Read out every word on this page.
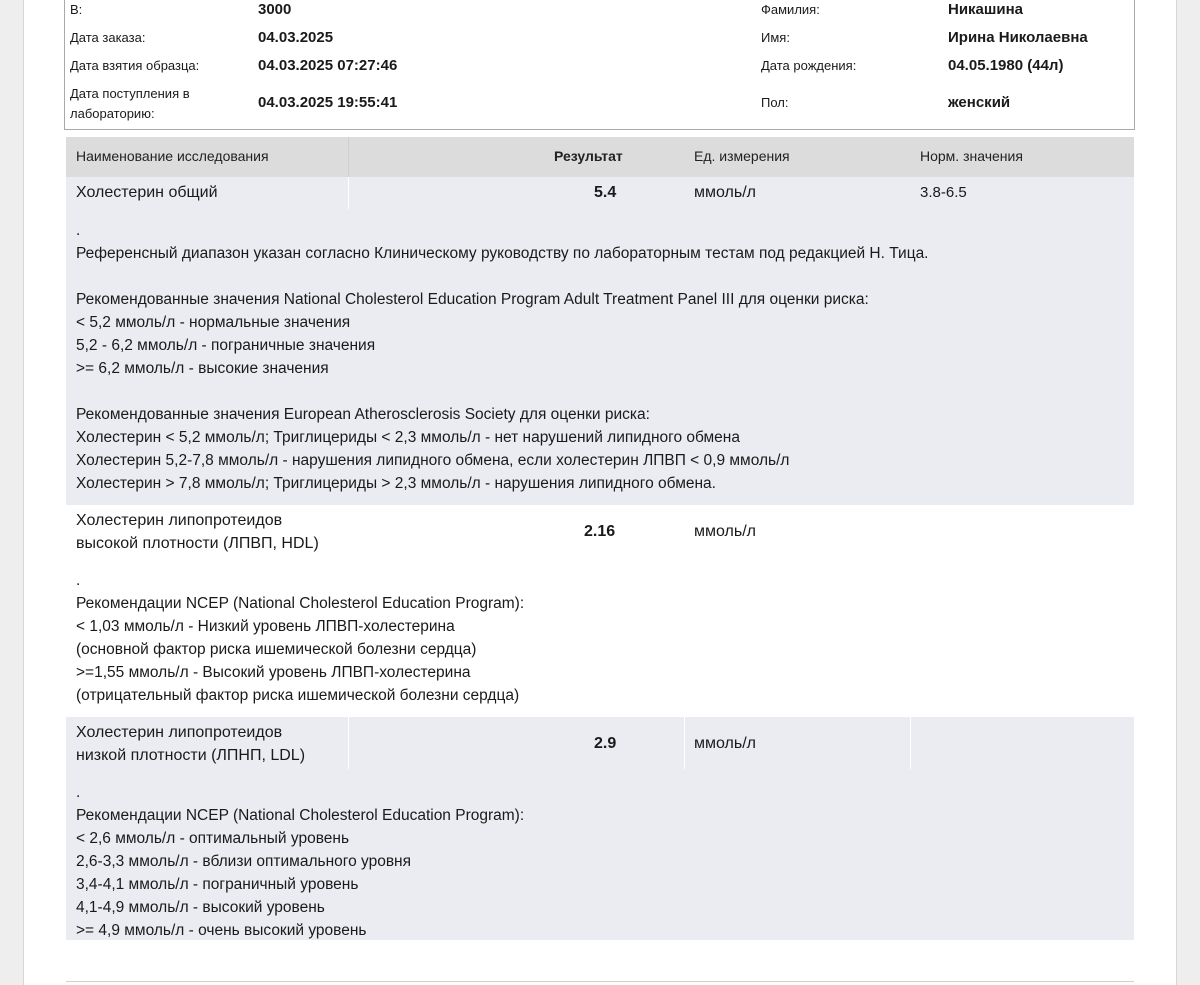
В:	3000	Фамилия:	Никашина
Дата заказа:	04.03.2025	Имя:	Ирина Николаевна
Дата взятия образца:	04.03.2025 07:27:46	Дата рождения:	04.05.1980 (44л)
Дата поступления в
лабораторию:
04.03.2025 19:55:41	Пол:	женский
Наименование исследования	Результат	Ед. измерения	Норм. значения
Холестерин общий	5.4	ммоль/л	3.8-6.5
.
Референсный диапазон указан согласно Клиническому руководству по лабораторным тестам под редакцией Н. Тица.

Рекомендованные значения National Cholesterol Education Program Adult Treatment Panel III для оценки риска:
< 5,2 ммоль/л - нормальные значения
5,2 - 6,2 ммоль/л - пограничные значения
>= 6,2 ммоль/л - высокие значения

Рекомендованные значения European Atherosclerosis Society для оценки риска:
Холестерин < 5,2 ммоль/л; Триглицериды < 2,3 ммоль/л - нет нарушений липидного обмена
Холестерин 5,2-7,8 ммоль/л - нарушения липидного обмена, если холестерин ЛПВП < 0,9 ммоль/л
Холестерин > 7,8 ммоль/л; Триглицериды > 2,3 ммоль/л - нарушения липидного обмена.
Холестерин липопротеидов
высокой плотности (ЛПВП, HDL)
2.16	ммоль/л
.
Рекомендации NCEP (National Cholesterol Education Program):
< 1,03 ммоль/л - Низкий уровень ЛПВП-холестерина
(основной фактор риска ишемической болезни сердца)
>=1,55 ммоль/л - Высокий уровень ЛПВП-холестерина
(отрицательный фактор риска ишемической болезни сердца)
Холестерин липопротеидов
низкой плотности (ЛПНП, LDL)
2.9	ммоль/л
.
Рекомендации NCEP (National Cholesterol Education Program):
< 2,6 ммоль/л - оптимальный уровень
2,6-3,3 ммоль/л - вблизи оптимального уровня
3,4-4,1 ммоль/л - пограничный уровень
4,1-4,9 ммоль/л - высокий уровень
>= 4,9 ммоль/л - очень высокий уровень
